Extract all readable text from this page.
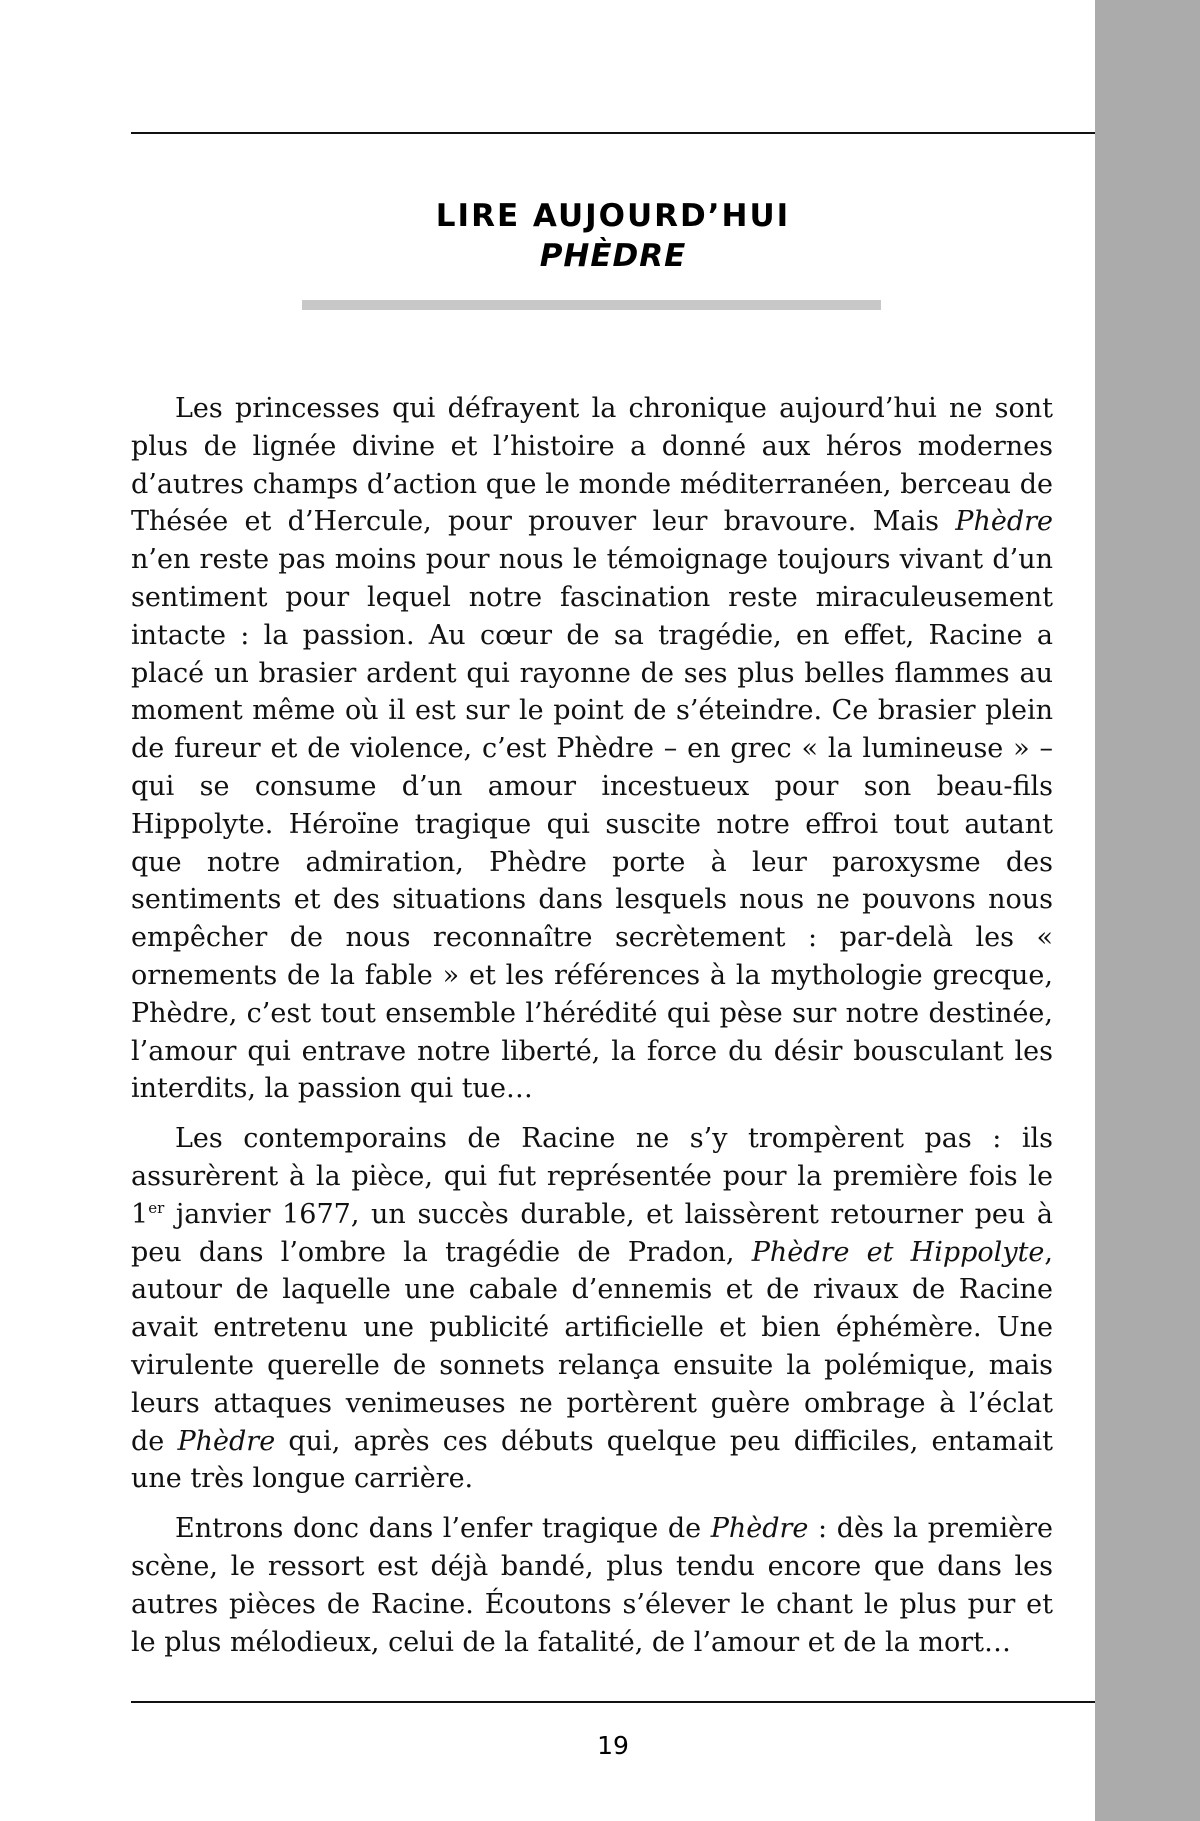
LIRE AUJOURD’HUI
PHÈDRE

Les princesses qui défrayent la chronique aujourd’hui ne sont plus de lignée divine et l’histoire a donné aux héros modernes d’autres champs d’action que le monde méditerranéen, berceau de Thésée et d’Hercule, pour prouver leur bravoure. Mais Phèdre n’en reste pas moins pour nous le témoignage toujours vivant d’un sentiment pour lequel notre fascination reste miraculeusement intacte : la passion. Au cœur de sa tragédie, en effet, Racine a placé un brasier ardent qui rayonne de ses plus belles flammes au moment même où il est sur le point de s’éteindre. Ce brasier plein de fureur et de violence, c’est Phèdre – en grec « la lumineuse » – qui se consume d’un amour incestueux pour son beau-fils Hippolyte. Héroïne tragique qui suscite notre effroi tout autant que notre admiration, Phèdre porte à leur paroxysme des sentiments et des situations dans lesquels nous ne pouvons nous empêcher de nous reconnaître secrètement : par-delà les « ornements de la fable » et les références à la mythologie grecque, Phèdre, c’est tout ensemble l’hérédité qui pèse sur notre destinée, l’amour qui entrave notre liberté, la force du désir bousculant les interdits, la passion qui tue…

Les contemporains de Racine ne s’y trompèrent pas : ils assurèrent à la pièce, qui fut représentée pour la première fois le 1er janvier 1677, un succès durable, et laissèrent retourner peu à peu dans l’ombre la tragédie de Pradon, Phèdre et Hippolyte, autour de laquelle une cabale d’ennemis et de rivaux de Racine avait entretenu une publicité artificielle et bien éphémère. Une virulente querelle de sonnets relança ensuite la polémique, mais leurs attaques venimeuses ne portèrent guère ombrage à l’éclat de Phèdre qui, après ces débuts quelque peu difficiles, entamait une très longue carrière.

Entrons donc dans l’enfer tragique de Phèdre : dès la première scène, le ressort est déjà bandé, plus tendu encore que dans les autres pièces de Racine. Écoutons s’élever le chant le plus pur et le plus mélodieux, celui de la fatalité, de l’amour et de la mort…

19
